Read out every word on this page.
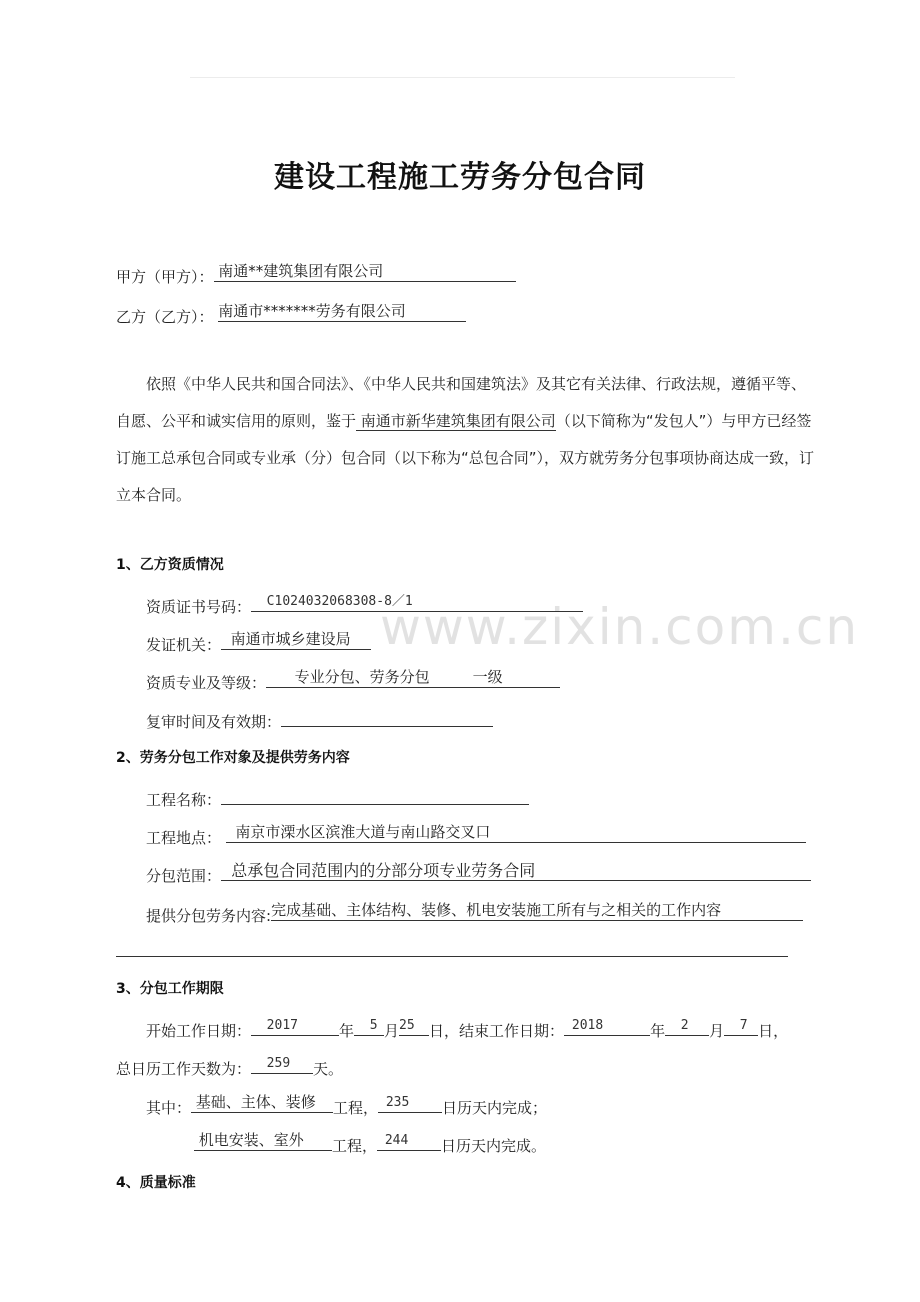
www.zixin.com.cn
建设工程施工劳务分包合同
甲方（甲方）： 南通**建筑集团有限公司
乙方（乙方）： 南通市*******劳务有限公司
依照《中华人民共和国合同法》、《中华人民共和国建筑法》及其它有关法律、行政法规，遵循平等、自愿、公平和诚实信用的原则，鉴于 南通市新华建筑集团有限公司（以下简称为“发包人”）与甲方已经签订施工总承包合同或专业承（分）包合同（以下称为“总包合同”），双方就劳务分包事项协商达成一致，订立本合同。
1、乙方资质情况
资质证书号码： C1024032068308-8／1
发证机关： 南通市城乡建设局
资质专业及等级： 专业分包、劳务分包	一级
复审时间及有效期：
2、劳务分包工作对象及提供劳务内容
工程名称：
工程地点： 南京市溧水区滨淮大道与南山路交叉口
分包范围： 总承包合同范围内的分部分项专业劳务合同
提供分包劳务内容:完成基础、主体结构、装修、机电安装施工所有与之相关的工作内容
3、分包工作期限
开始工作日期： 2017	年 5 月25 日，结束工作日期： 2018	年 2 月 7 日，
总日历工作天数为： 259 天。
其中： 基础、主体、装修 工程， 235 日历天内完成；
机电安装、室外 工程， 244 日历天内完成。
4、质量标准
